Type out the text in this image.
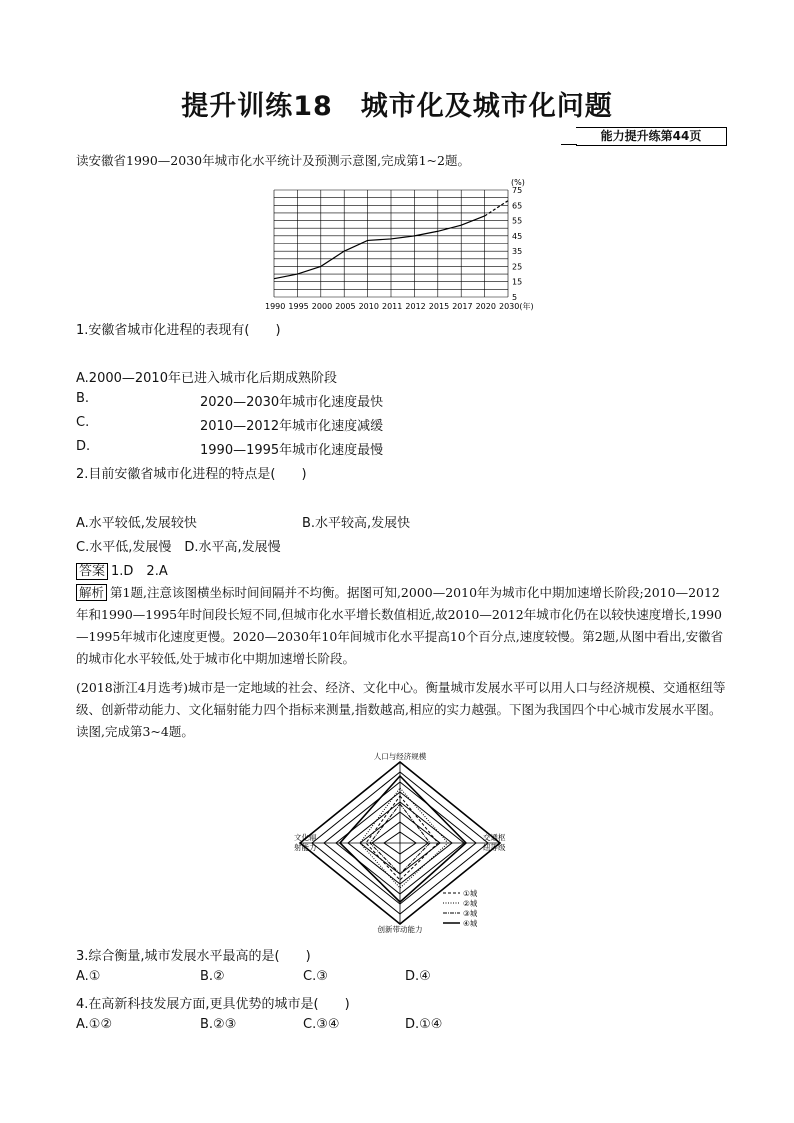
提升训练18　城市化及城市化问题
能力提升练第44页
读安徽省1990—2030年城市化水平统计及预测示意图,完成第1~2题。
5
15
25
35
45
55
65
75
1990 1995 2000 2005 2010 2011 2012 2015 2017 2020 2030(年)
(%)
1.安徽省城市化进程的表现有(　　)
A.2000—2010年已进入城市化后期成熟阶段
B.	2020—2030年城市化速度最快
C.	2010—2012年城市化速度减缓
D.	1990—1995年城市化速度最慢
2.目前安徽省城市化进程的特点是(　　)
A.水平较低,发展较快	B.水平较高,发展快
C.水平低,发展慢　D.水平高,发展慢
答案 1.D　2.A
解析 第1题,注意该图横坐标时间间隔并不均衡。据图可知,2000—2010年为城市化中期加速增长阶段;2010—2012年和1990—1995年时间段长短不同,但城市化水平增长数值相近,故2010—2012年城市化仍在以较快速度增长,1990—1995年城市化速度更慢。2020—2030年10年间城市化水平提高10个百分点,速度较慢。第2题,从图中看出,安徽省的城市化水平较低,处于城市化中期加速增长阶段。
(2018浙江4月选考)城市是一定地域的社会、经济、文化中心。衡量城市发展水平可以用人口与经济规模、交通枢纽等级、创新带动能力、文化辐射能力四个指标来测量,指数越高,相应的实力越强。下图为我国四个中心城市发展水平图。读图,完成第3~4题。
人口与经济规模
交通枢
纽等级
创新带动能力
文化辐
射能力
①城
②城
③城
④城
3.综合衡量,城市发展水平最高的是(　　)
A.①	B.②	C.③	D.④
4.在高新科技发展方面,更具优势的城市是(　　)
A.①②	B.②③	C.③④	D.①④
